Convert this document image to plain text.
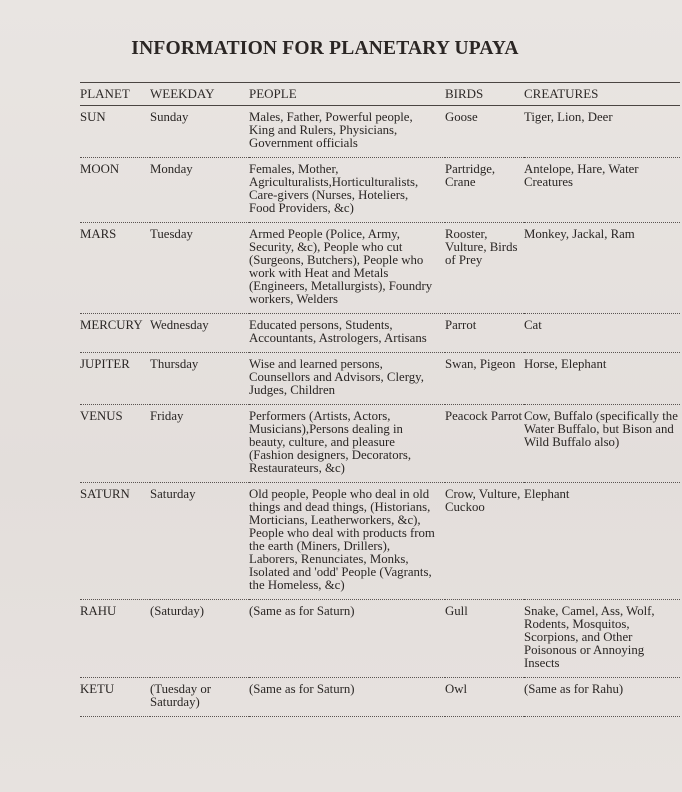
INFORMATION FOR PLANETARY UPAYA
PLANET	WEEKDAY	PEOPLE	BIRDS	CREATURES
SUN	Sunday	Males, Father, Powerful people, King and Rulers, Physicians, Government officials	Goose	Tiger, Lion, Deer
MOON	Monday	Females, Mother, Agriculturalists,Horticulturalists, Care-givers (Nurses, Hoteliers, Food Providers, &c)	Partridge, Crane	Antelope, Hare, Water Creatures
MARS	Tuesday	Armed People (Police, Army, Security, &c), People who cut (Surgeons, Butchers), People who work with Heat and Metals (Engineers, Metallurgists), Foundry workers, Welders	Rooster, Vulture, Birds of Prey	Monkey, Jackal, Ram
MERCURY	Wednesday	Educated persons, Students, Accountants, Astrologers, Artisans	Parrot	Cat
JUPITER	Thursday	Wise and learned persons, Counsellors and Advisors, Clergy, Judges, Children	Swan, Pigeon	Horse, Elephant
VENUS	Friday	Performers (Artists, Actors, Musicians),Persons dealing in beauty, culture, and pleasure (Fashion designers, Decorators, Restaurateurs, &c)	Peacock Parrot	Cow, Buffalo (specifically the Water Buffalo, but Bison and Wild Buffalo also)
SATURN	Saturday	Old people, People who deal in old things and dead things, (Historians, Morticians, Leatherworkers, &c), People who deal with products from the earth (Miners, Drillers), Laborers, Renunciates, Monks, Isolated and 'odd' People (Vagrants, the Homeless, &c)	Crow, Vulture, Cuckoo	Elephant
RAHU	(Saturday)	(Same as for Saturn)	Gull	Snake, Camel, Ass, Wolf, Rodents, Mosquitos, Scorpions, and Other Poisonous or Annoying Insects
KETU	(Tuesday or Saturday)	(Same as for Saturn)	Owl	(Same as for Rahu)
